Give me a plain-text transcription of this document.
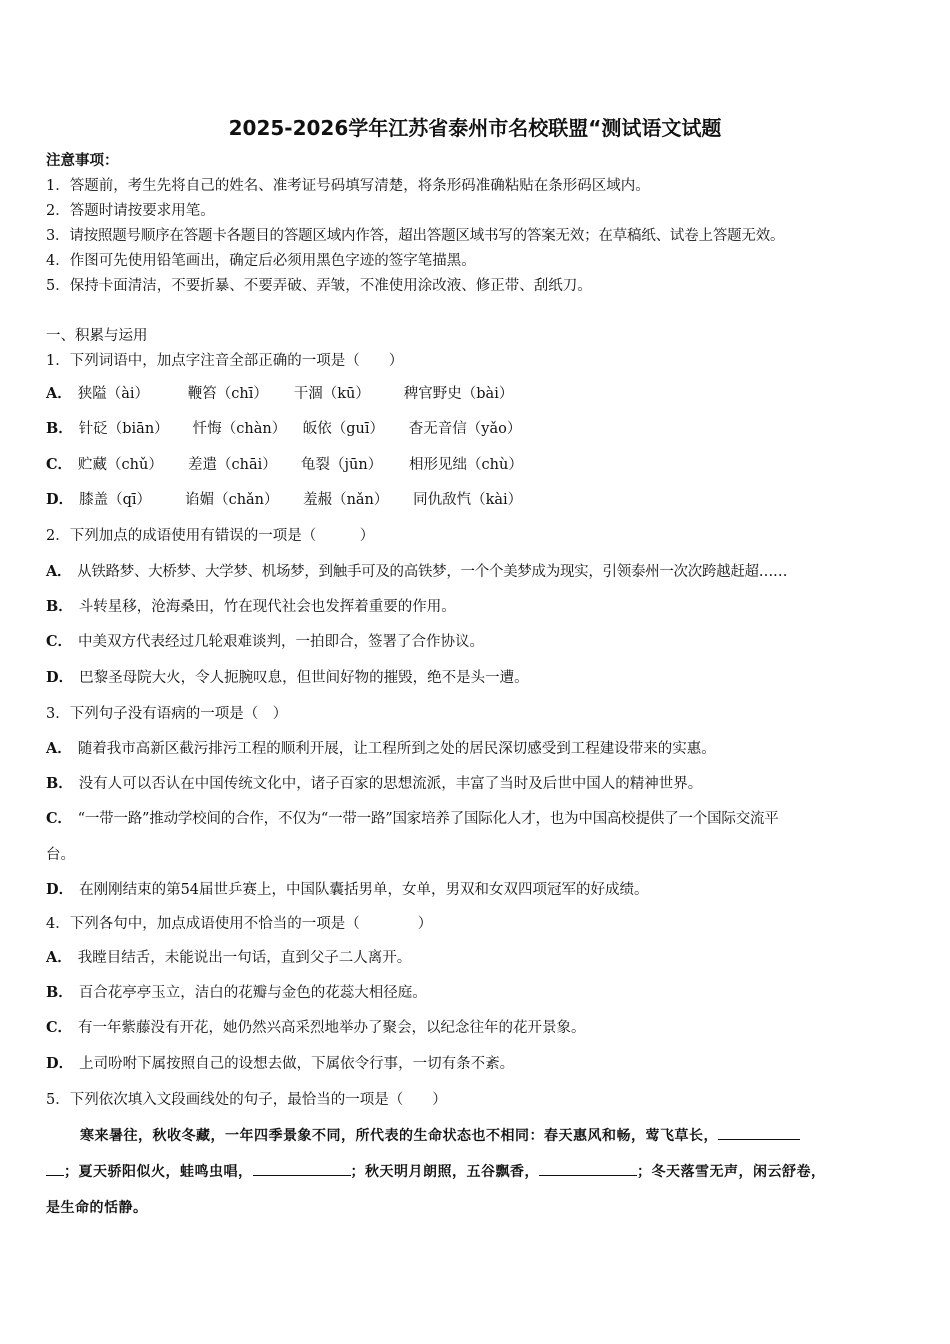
2025-2026学年江苏省泰州市名校联盟“测试语文试题
注意事项：
1．答题前，考生先将自己的姓名、准考证号码填写清楚，将条形码准确粘贴在条形码区域内。
2．答题时请按要求用笔。
3．请按照题号顺序在答题卡各题目的答题区域内作答，超出答题区域书写的答案无效；在草稿纸、试卷上答题无效。
4．作图可先使用铅笔画出，确定后必须用黑色字迹的签字笔描黑。
5．保持卡面清洁，不要折暴、不要弄破、弄皱，不准使用涂改液、修正带、刮纸刀。
一、积累与运用
1．下列词语中，加点字注音全部正确的一项是（　　）
A． 狭隘（ài）	鞭笞（chī） 干涸（kū） 稗官野史（bài）
B． 针砭（biān） 忏悔（chàn） 皈依（guī） 杳无音信（yǎo）
C． 贮藏（chǔ） 差遣（chāi） 龟裂（jūn） 相形见绌（chù）
D． 膝盖（qī） 谄媚（chǎn） 羞赧（nǎn） 同仇敌忾（kài）
2．下列加点的成语使用有错误的一项是（　　　）
A． 从铁路梦、大桥梦、大学梦、机场梦，到触手可及的高铁梦，一个个美梦成为现实，引领泰州一次次跨越赶超……
B． 斗转星移，沧海桑田，竹在现代社会也发挥着重要的作用。
C． 中美双方代表经过几轮艰难谈判，一拍即合，签署了合作协议。
D． 巴黎圣母院大火，令人扼腕叹息，但世间好物的摧毁，绝不是头一遭。
3．下列句子没有语病的一项是（　）
A． 随着我市高新区截污排污工程的顺利开展，让工程所到之处的居民深切感受到工程建设带来的实惠。
B． 没有人可以否认在中国传统文化中，诸子百家的思想流派，丰富了当时及后世中国人的精神世界。
C． “一带一路”推动学校间的合作，不仅为“一带一路”国家培养了国际化人才，也为中国高校提供了一个国际交流平
台。
D． 在刚刚结束的第54届世乒赛上，中国队囊括男单，女单，男双和女双四项冠军的好成绩。
4．下列各句中，加点成语使用不恰当的一项是（　　　　）
A． 我瞠目结舌，未能说出一句话，直到父子二人离开。
B． 百合花亭亭玉立，洁白的花瓣与金色的花蕊大相径庭。
C． 有一年紫藤没有开花，她仍然兴高采烈地举办了聚会，以纪念往年的花开景象。
D． 上司吩咐下属按照自己的设想去做，下属依令行事，一切有条不紊。
5．下列依次填入文段画线处的句子，最恰当的一项是（　　）
寒来暑往，秋收冬藏，一年四季景象不同，所代表的生命状态也不相同：春天惠风和畅，莺飞草长，
；夏天骄阳似火，蛙鸣虫唱，	；秋天明月朗照，五谷飘香，	；冬天落雪无声，闲云舒卷，
是生命的恬静。
